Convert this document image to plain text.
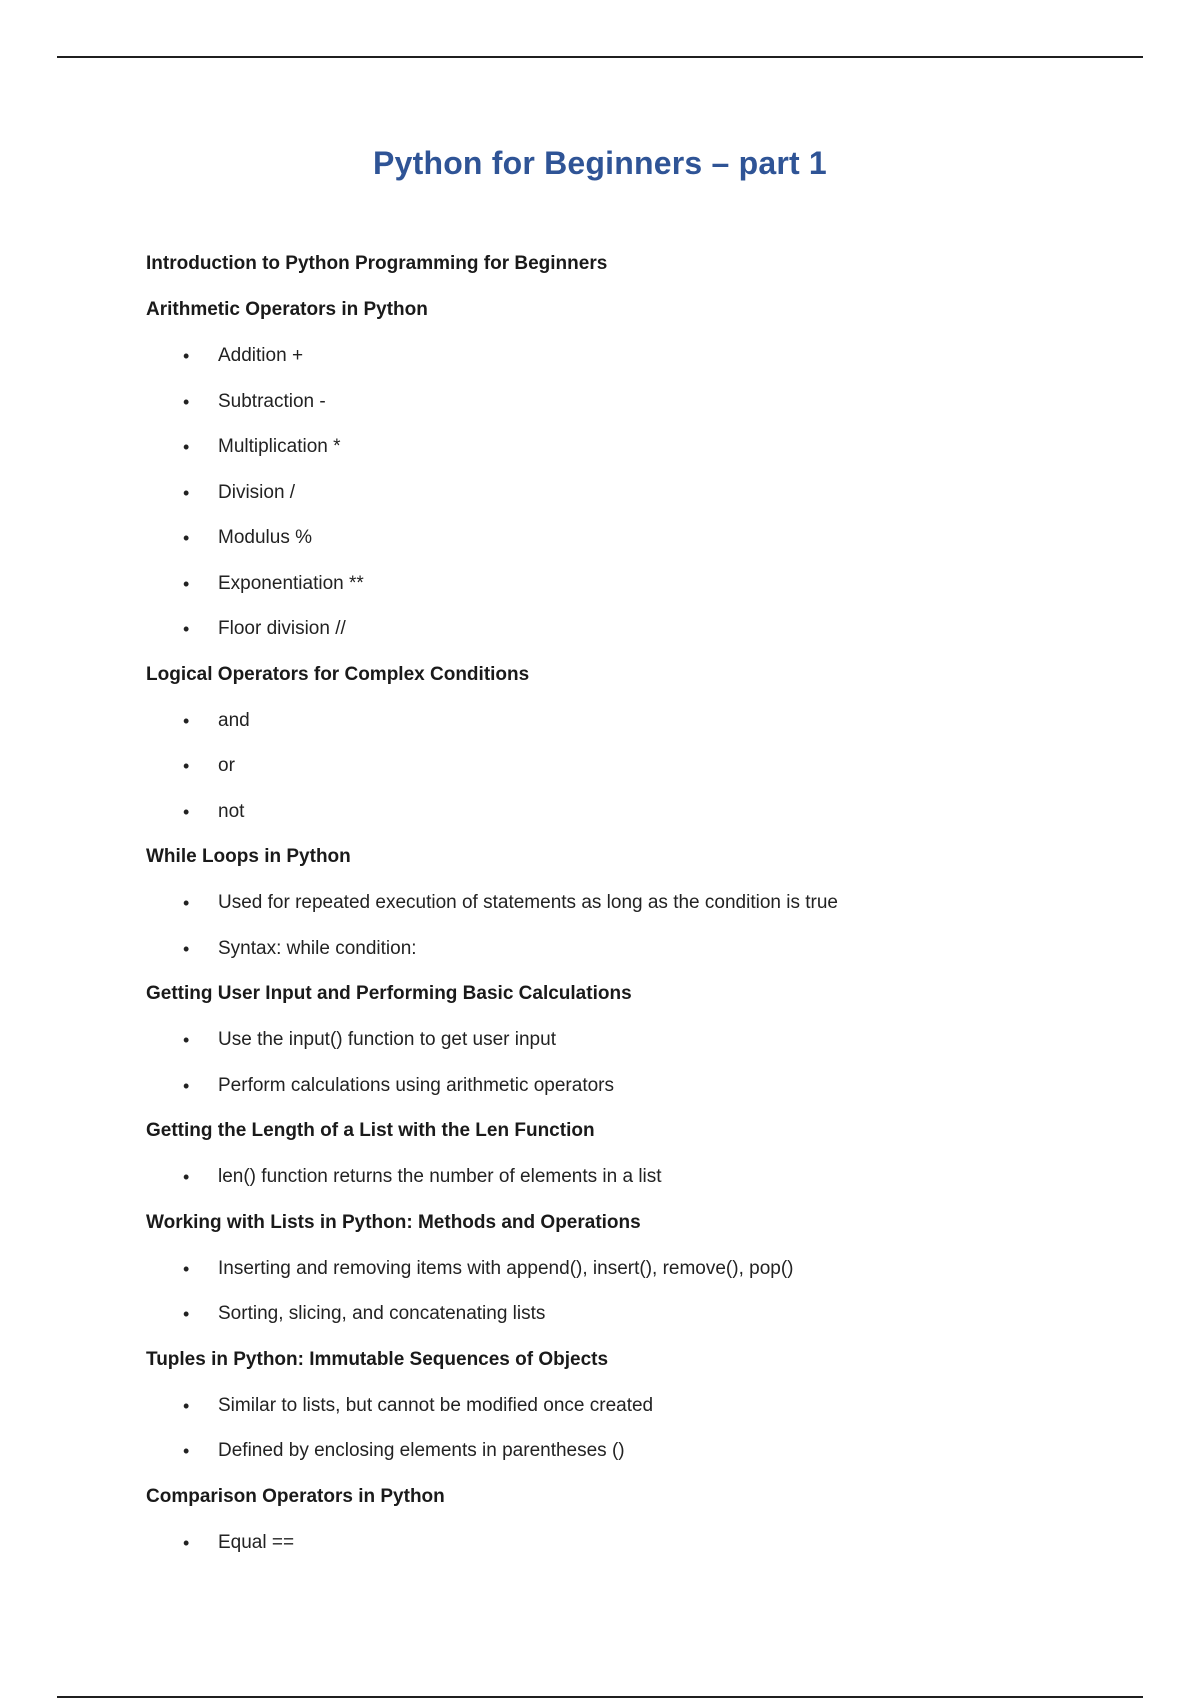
Python for Beginners – part 1

Introduction to Python Programming for Beginners

Arithmetic Operators in Python

• Addition +
• Subtraction -
• Multiplication *
• Division /
• Modulus %
• Exponentiation **
• Floor division //

Logical Operators for Complex Conditions

• and
• or
• not

While Loops in Python

• Used for repeated execution of statements as long as the condition is true
• Syntax: while condition:

Getting User Input and Performing Basic Calculations

• Use the input() function to get user input
• Perform calculations using arithmetic operators

Getting the Length of a List with the Len Function

• len() function returns the number of elements in a list

Working with Lists in Python: Methods and Operations

• Inserting and removing items with append(), insert(), remove(), pop()
• Sorting, slicing, and concatenating lists

Tuples in Python: Immutable Sequences of Objects

• Similar to lists, but cannot be modified once created
• Defined by enclosing elements in parentheses ()

Comparison Operators in Python

• Equal ==
